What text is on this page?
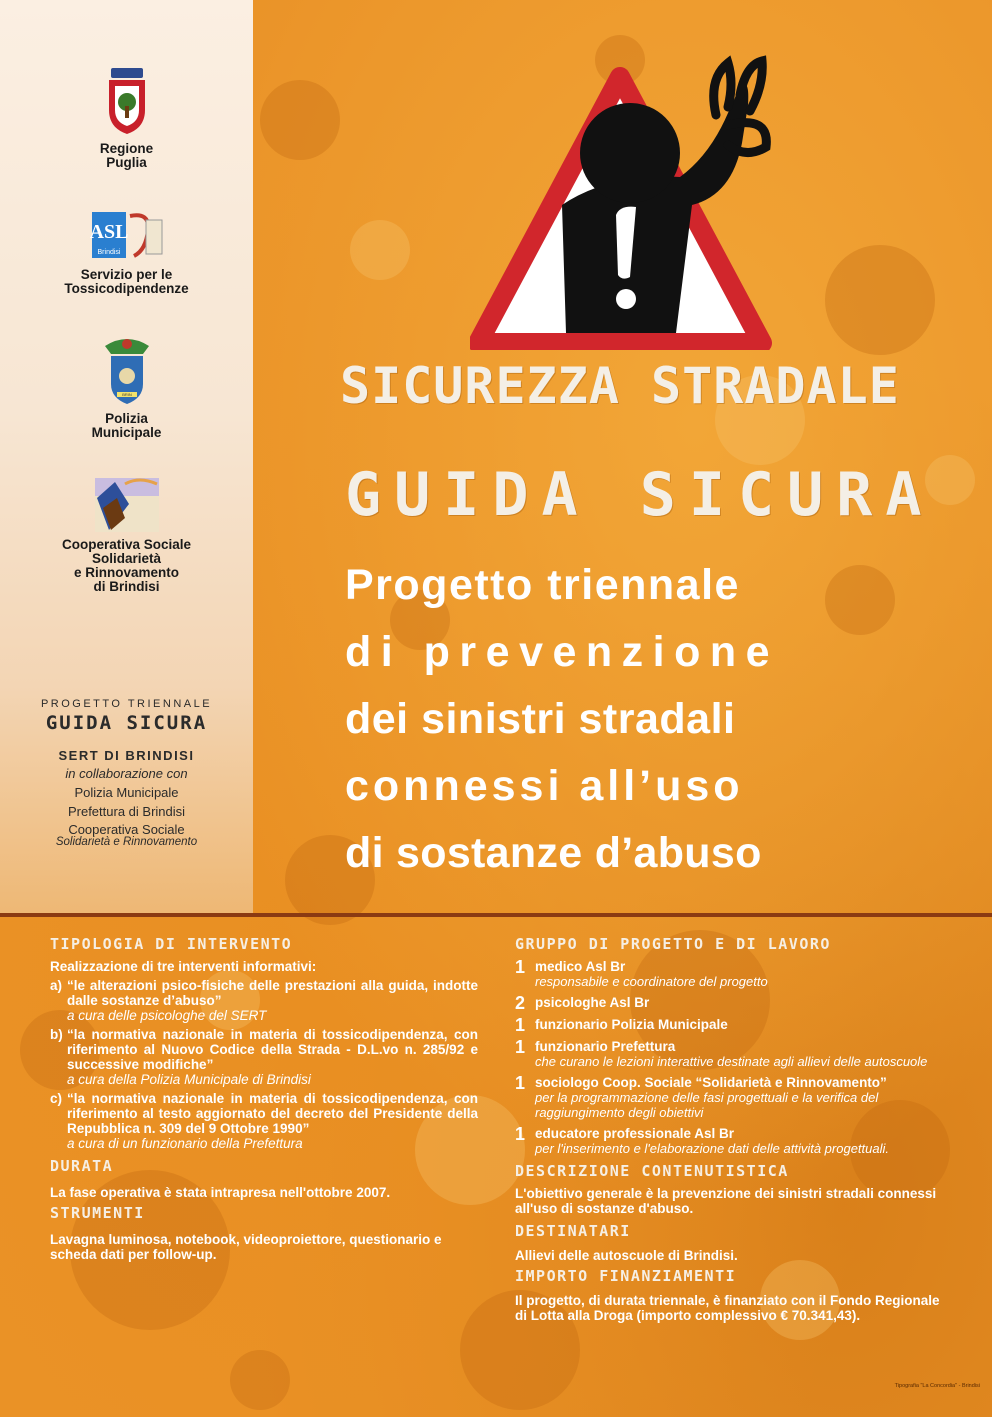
Regione
Puglia
ASL
Brindisi
Servizio per le
Tossicodipendenze
BRIN
Polizia
Municipale
Cooperativa Sociale
Solidarietà
e Rinnovamento
di Brindisi
PROGETTO TRIENNALE
GUIDA SICURA
SERT DI BRINDISI
in collaborazione con
Polizia Municipale
Prefettura di Brindisi
Cooperativa Sociale
Solidarietà e Rinnovamento
SICUREZZA STRADALE
GUIDA SICURA
Progetto triennale
di prevenzione
dei sinistri stradali
connessi all’uso
di sostanze d’abuso
TIPOLOGIA DI INTERVENTO
Realizzazione di tre interventi informativi:
a) “le alterazioni psico-fisiche delle prestazioni alla guida, indotte dalle sostanze d’abuso”
a cura delle psicologhe del SERT
b) “la normativa nazionale in materia di tossicodipendenza, con riferimento al Nuovo Codice della Strada - D.L.vo n. 285/92 e successive modifiche”
a cura della Polizia Municipale di Brindisi
c) “la normativa nazionale in materia di tossicodipendenza, con riferimento al testo aggiornato del decreto del Presidente della Repubblica n. 309 del 9 Ottobre 1990”
a cura di un funzionario della Prefettura
DURATA
La fase operativa è stata intrapresa nell'ottobre 2007.
STRUMENTI
Lavagna luminosa, notebook, videoproiettore, questionario e scheda dati per follow-up.
GRUPPO DI PROGETTO E DI LAVORO
1 medico Asl Br
responsabile e coordinatore del progetto
2 psicologhe Asl Br
1 funzionario Polizia Municipale
1 funzionario Prefettura
che curano le lezioni interattive destinate agli allievi delle autoscuole
1 sociologo Coop. Sociale “Solidarietà e Rinnovamento”
per la programmazione delle fasi progettuali e la verifica del raggiungimento degli obiettivi
1 educatore professionale Asl Br
per l'inserimento e l'elaborazione dati delle attività progettuali.
DESCRIZIONE CONTENUTISTICA
L'obiettivo generale è la prevenzione dei sinistri stradali connessi all'uso di sostanze d'abuso.
DESTINATARI
Allievi delle autoscuole di Brindisi.
IMPORTO FINANZIAMENTI
Il progetto, di durata triennale, è finanziato con il Fondo Regionale di Lotta alla Droga (importo complessivo € 70.341,43).
Tipografia "La Concordia" - Brindisi
